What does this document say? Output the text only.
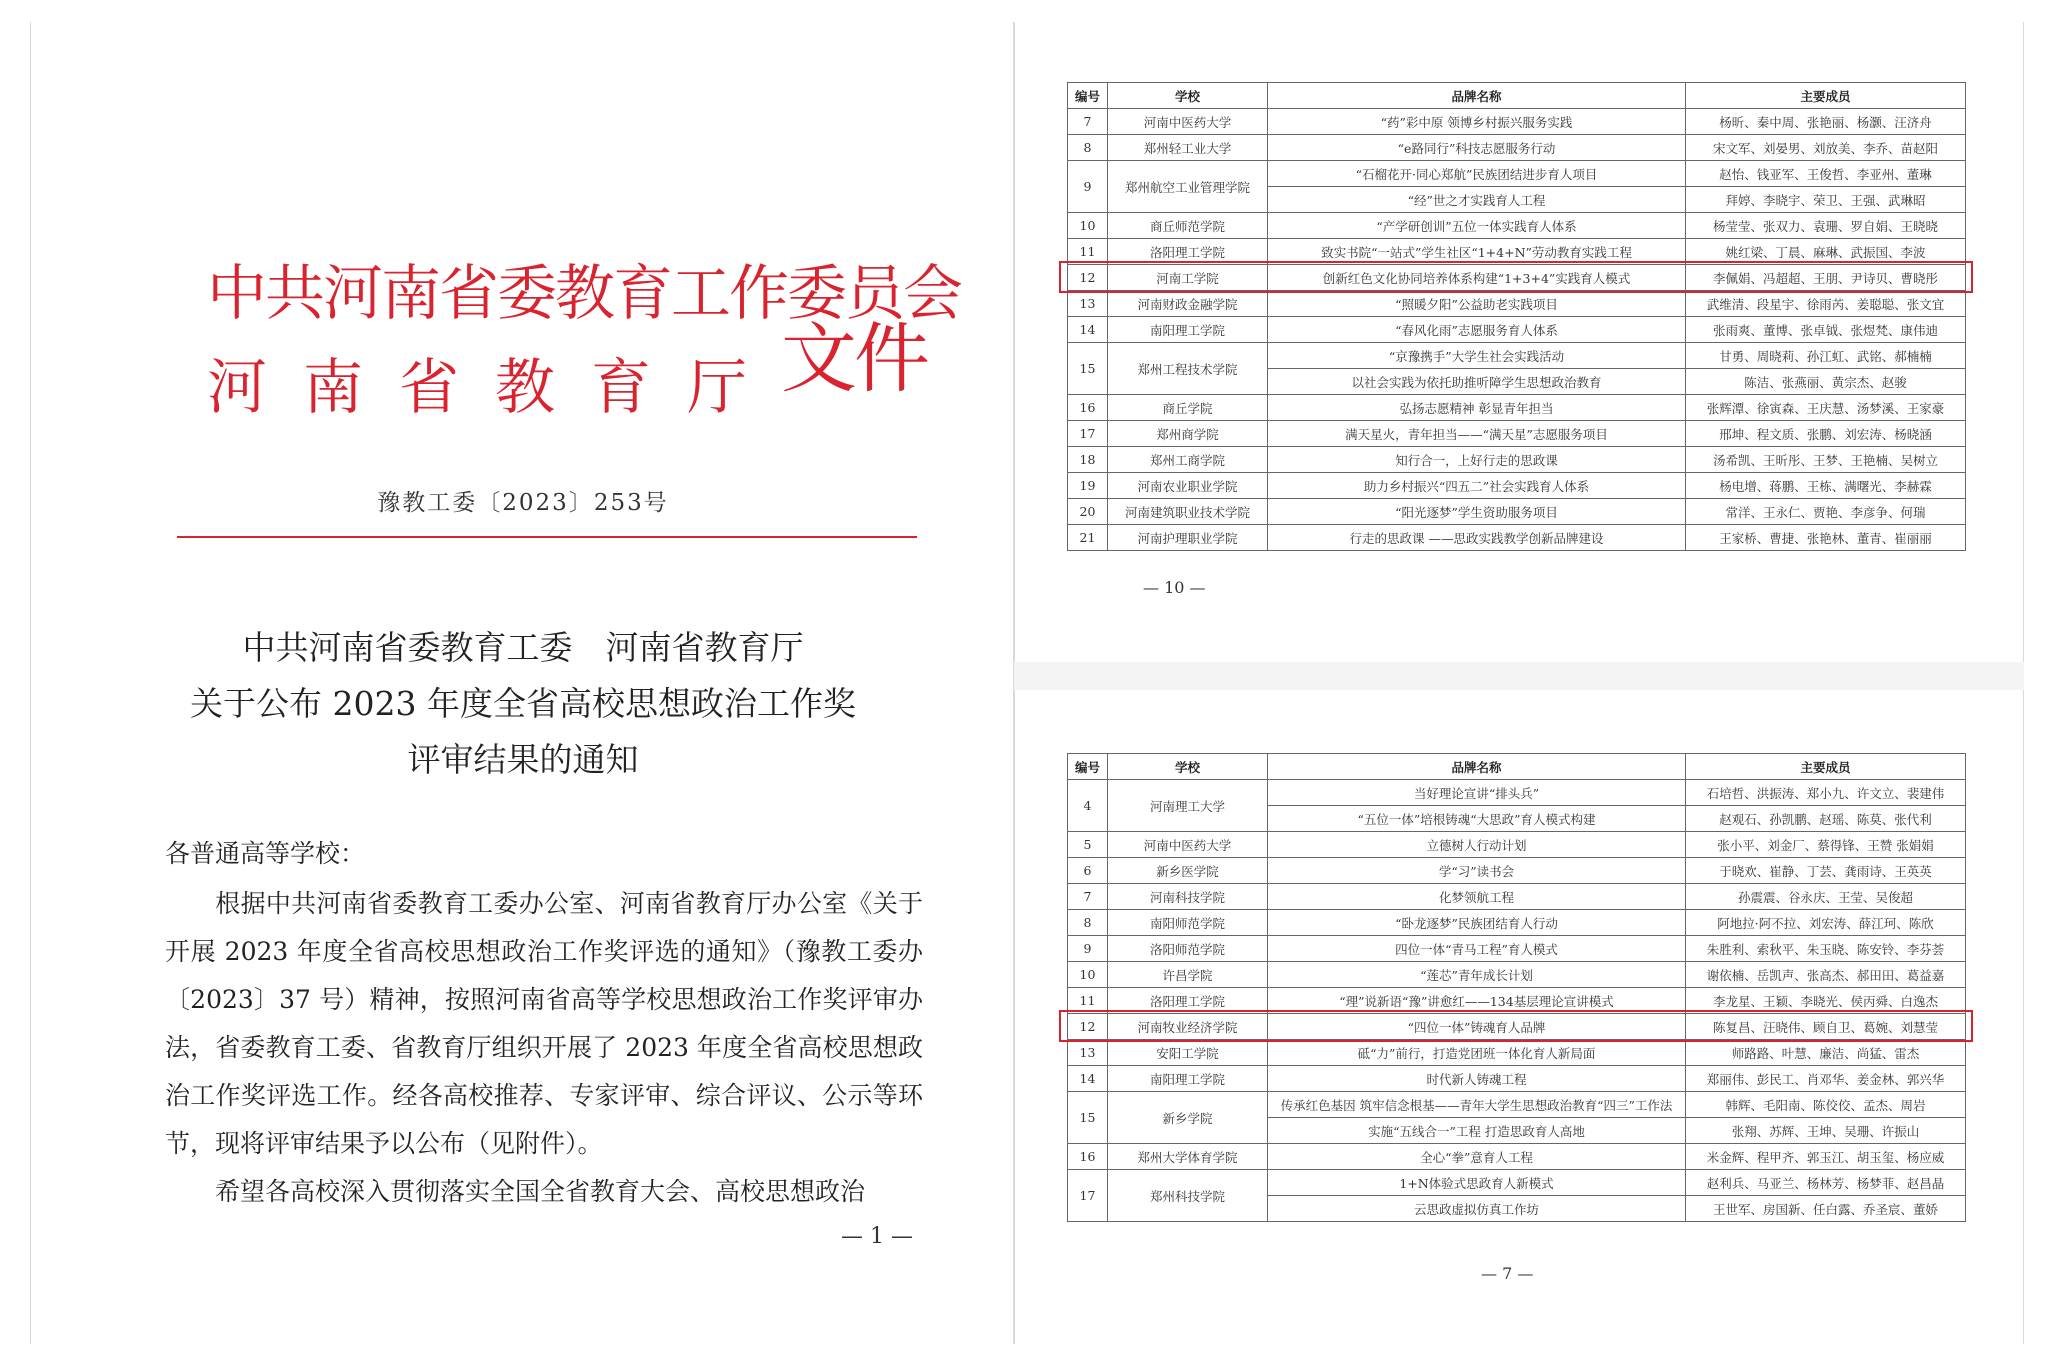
中共河南省委教育工作委员会
河南省教育厅
文件
豫教工委〔2023〕253号
中共河南省委教育工委　河南省教育厅
关于公布 2023 年度全省高校思想政治工作奖
评审结果的通知
各普通高等学校：
根据中共河南省委教育工委办公室、河南省教育厅办公室《关于开展 2023 年度全省高校思想政治工作奖评选的通知》（豫教工委办〔2023〕37 号）精神，按照河南省高等学校思想政治工作奖评审办法，省委教育工委、省教育厅组织开展了 2023 年度全省高校思想政治工作奖评选工作。经各高校推荐、专家评审、综合评议、公示等环节，现将评审结果予以公布（见附件）。
希望各高校深入贯彻落实全国全省教育大会、高校思想政治
— 1 —
编号	学校	品牌名称	主要成员
7	河南中医药大学	“药”彩中原 领博乡村振兴服务实践	杨昕、秦中周、张艳丽、杨灏、汪济舟
8	郑州轻工业大学	“e路同行”科技志愿服务行动	宋文军、刘晏男、刘放美、李乔、苗赵阳
9	郑州航空工业管理学院	“石榴花开·同心郑航”民族团结进步育人项目	赵怡、钱亚军、王俊哲、李亚州、董琳
		“经”世之才实践育人工程	拜婷、李晓宇、荣卫、王强、武琳昭
10	商丘师范学院	“产学研创训”五位一体实践育人体系	杨莹莹、张双力、袁珊、罗自娟、王晓晓
11	洛阳理工学院	致实书院“一站式”学生社区“1+4+N”劳动教育实践工程	姚红梁、丁晨、麻琳、武振国、李波
12	河南工学院	创新红色文化协同培养体系构建“1+3+4”实践育人模式	李佩娟、冯超超、王朋、尹诗贝、曹晓彤
13	河南财政金融学院	“照暖夕阳”公益助老实践项目	武维清、段星宇、徐雨芮、姜聪聪、张文宜
14	南阳理工学院	“春风化雨”志愿服务育人体系	张雨爽、董博、张卓钺、张煜梵、康伟迪
15	郑州工程技术学院	“京豫携手”大学生社会实践活动	甘勇、周晓莉、孙江虹、武铭、郝楠楠
		以社会实践为依托助推听障学生思想政治教育	陈洁、张燕丽、黄宗杰、赵骏
16	商丘学院	弘扬志愿精神 彰显青年担当	张辉潭、徐寅森、王庆慧、汤梦溪、王家豪
17	郑州商学院	满天星火，青年担当——“满天星”志愿服务项目	邢坤、程文质、张鹏、刘宏涛、杨晓涵
18	郑州工商学院	知行合一，上好行走的思政课	汤希凯、王昕彤、王梦、王艳楠、吴树立
19	河南农业职业学院	助力乡村振兴“四五二”社会实践育人体系	杨电增、蒋鹏、王栋、满曙光、李赫霖
20	河南建筑职业技术学院	“阳光逐梦”学生资助服务项目	常洋、王永仁、贾艳、李彦争、何瑞
21	河南护理职业学院	行走的思政课 ——思政实践教学创新品牌建设	王家桥、曹捷、张艳林、董青、崔丽丽
— 10 —
编号	学校	品牌名称	主要成员
4	河南理工大学	当好理论宣讲“排头兵”	石培哲、洪振涛、郑小九、许文立、裴建伟
		“五位一体”培根铸魂“大思政”育人模式构建	赵观石、孙凯鹏、赵瑶、陈莫、张代利
5	河南中医药大学	立德树人行动计划	张小平、刘金厂、蔡得锋、王赞 张娟娟
6	新乡医学院	学“习”读书会	于晓欢、崔静、丁芸、龚雨诗、王英英
7	河南科技学院	化梦领航工程	孙震震、谷永庆、王莹、吴俊超
8	南阳师范学院	“卧龙逐梦”民族团结育人行动	阿地拉·阿不拉、刘宏涛、薛江珂、陈欣
9	洛阳师范学院	四位一体“青马工程”育人模式	朱胜利、索秋平、朱玉晓、陈安铃、李芬荟
10	许昌学院	“莲芯”青年成长计划	谢依楠、岳凯声、张高杰、郝田田、葛益嘉
11	洛阳理工学院	“理”说新语“豫”讲愈红——134基层理论宣讲模式	李龙星、王颖、李晓光、侯丙舜、白逸杰
12	河南牧业经济学院	“四位一体”铸魂育人品牌	陈复昌、汪晓伟、顾自卫、葛婉、刘慧莹
13	安阳工学院	砥“力”前行，打造党团班一体化育人新局面	师路路、叶慧、廉洁、尚猛、雷杰
14	南阳理工学院	时代新人铸魂工程	郑丽伟、彭民工、肖邓华、姜金林、郭兴华
15	新乡学院	传承红色基因 筑牢信念根基——青年大学生思想政治教育“四三”工作法	韩辉、毛阳南、陈佼佼、孟杰、周岩
		实施“五线合一”工程 打造思政育人高地	张翔、苏辉、王坤、吴珊、许振山
16	郑州大学体育学院	全心“拳”意育人工程	米金辉、程甲齐、郭玉江、胡玉玺、杨应威
17	郑州科技学院	1+N体验式思政育人新模式	赵利兵、马亚兰、杨林芳、杨梦菲、赵昌晶
		云思政虚拟仿真工作坊	王世军、房国新、任白露、乔圣宸、董娇
— 7 —
